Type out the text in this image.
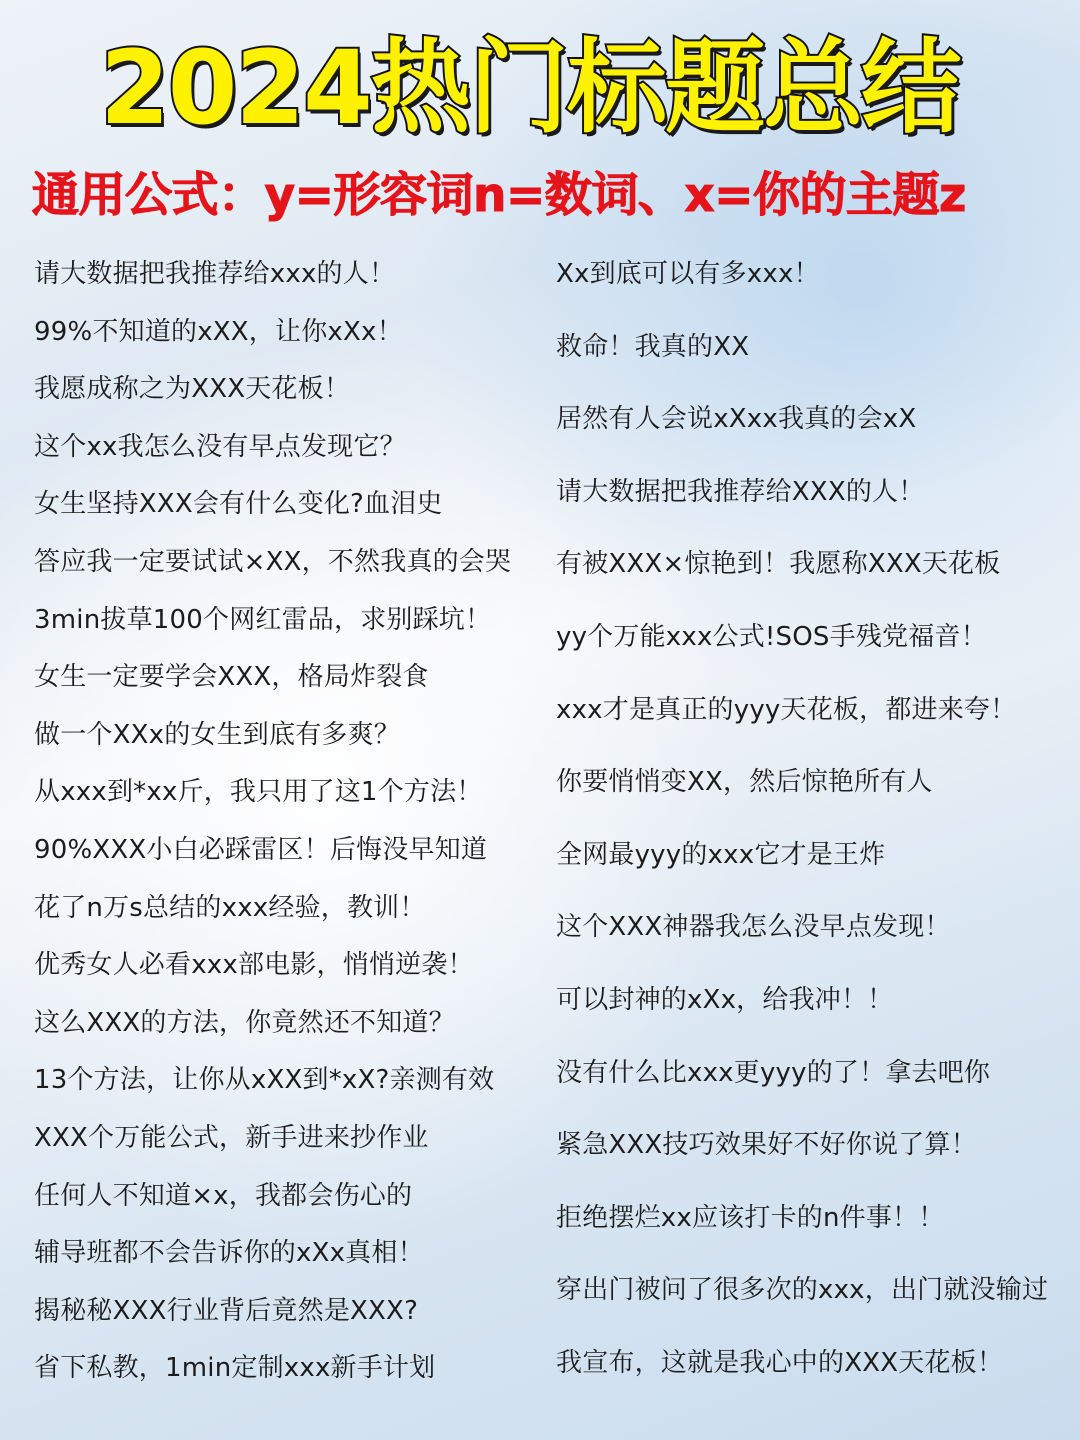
2024热门标题总结
通用公式：y=形容词n=数词、x=你的主题z
请大数据把我推荐给xxx的人！
99%不知道的xXX，让你xXx！
我愿成称之为XXX天花板！
这个xx我怎么没有早点发现它？
女生坚持XXX会有什么变化?血泪史
答应我一定要试试×XX，不然我真的会哭
3min拔草100个网红雷品，求别踩坑！
女生一定要学会XXX，格局炸裂食
做一个XXx的女生到底有多爽？
从xxx到*xx斤，我只用了这1个方法！
90%XXX小白必踩雷区！后悔没早知道
花了n万s总结的xxx经验，教训！
优秀女人必看xxx部电影，悄悄逆袭！
这么XXX的方法，你竟然还不知道？
13个方法，让你从xXX到*xX?亲测有效
XXX个万能公式，新手进来抄作业
任何人不知道×x，我都会伤心的
辅导班都不会告诉你的xXx真相！
揭秘秘XXX行业背后竟然是XXX?
省下私教，1min定制xxx新手计划
Xx到底可以有多xxx！
救命！我真的XX
居然有人会说xXxx我真的会xX
请大数据把我推荐给XXX的人！
有被XXX×惊艳到！我愿称XXX天花板
yy个万能xxx公式!SOS手残党福音！
xxx才是真正的yyy天花板，都进来夸！
你要悄悄变XX，然后惊艳所有人
全网最yyy的xxx它才是王炸
这个XXX神器我怎么没早点发现！
可以封神的xXx，给我冲！！
没有什么比xxx更yyy的了！拿去吧你
紧急XXX技巧效果好不好你说了算！
拒绝摆烂xx应该打卡的n件事！！
穿出门被问了很多次的xxx，出门就没输过
我宣布，这就是我心中的XXX天花板！
